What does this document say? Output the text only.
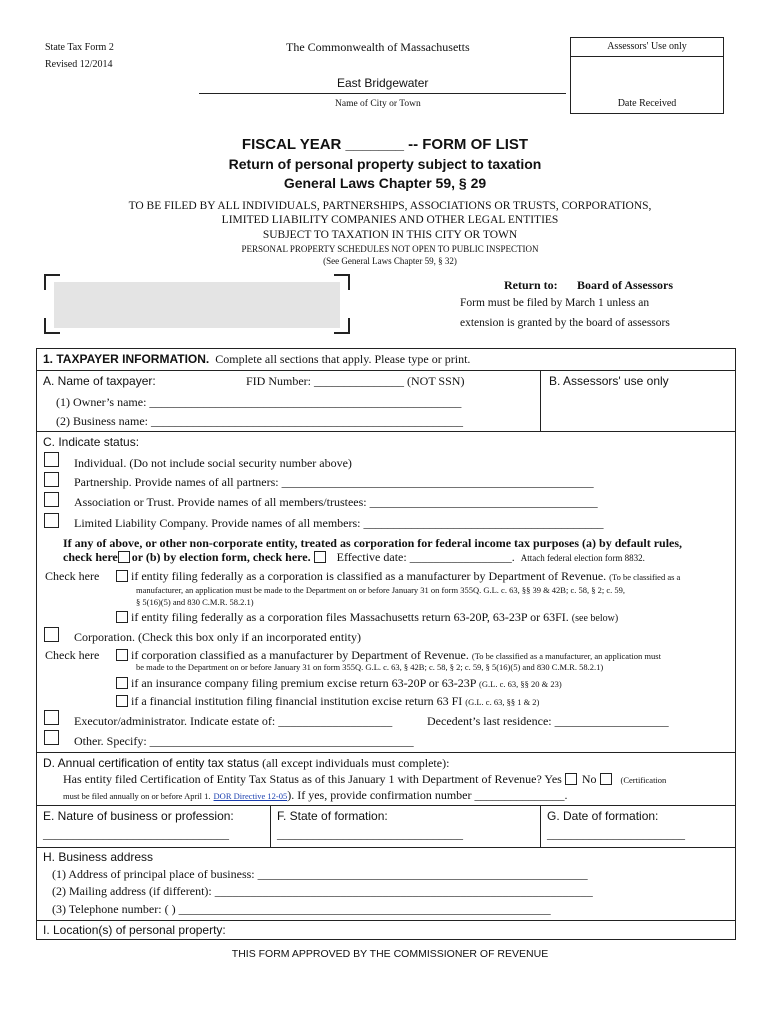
State Tax Form 2
Revised 12/2014
The Commonwealth of Massachusetts	Assessors' Use only
Date Received
East Bridgewater
Name of City or Town
FISCAL YEAR _______ -- FORM OF LIST
Return of personal property subject to taxation
General Laws Chapter 59, § 29
TO BE FILED BY ALL INDIVIDUALS, PARTNERSHIPS, ASSOCIATIONS OR TRUSTS, CORPORATIONS,
LIMITED LIABILITY COMPANIES AND OTHER LEGAL ENTITIES
SUBJECT TO TAXATION IN THIS CITY OR TOWN
PERSONAL PROPERTY SCHEDULES NOT OPEN TO PUBLIC INSPECTION
(See General Laws Chapter 59, § 32)
Return to: Board of Assessors
Form must be filed by March 1 unless an
extension is granted by the board of assessors
1. TAXPAYER INFORMATION. Complete all sections that apply. Please type or print.
A. Name of taxpayer:	FID Number: _______________ (NOT SSN)	B. Assessors' use only
(1) Owner’s name: ____________________________________________________
(2) Business name: ____________________________________________________
C. Indicate status:
Individual. (Do not include social security number above)
Partnership. Provide names of all partners: ____________________________________________________
Association or Trust. Provide names of all members/trustees: ______________________________________
Limited Liability Company. Provide names of all members: ________________________________________
If any of above, or other non-corporate entity, treated as corporation for federal income tax purposes (a) by default rules,
check here or (b) by election form, check here. Effective date: _________________. Attach federal election form 8832.
Check here	if entity filing federally as a corporation is classified as a manufacturer by Department of Revenue. (To be classified as a
manufacturer, an application must be made to the Department on or before January 31 on form 355Q. G.L. c. 63, §§ 39 & 42B; c. 58, § 2; c. 59,
§ 5(16)(5) and 830 C.M.R. 58.2.1)
if entity filing federally as a corporation files Massachusetts return 63-20P, 63-23P or 63FI. (see below)
Corporation. (Check this box only if an incorporated entity)
Check here	if corporation classified as a manufacturer by Department of Revenue. (To be classified as a manufacturer, an application must
be made to the Department on or before January 31 on form 355Q. G.L. c. 63, § 42B; c. 58, § 2; c. 59, § 5(16)(5) and 830 C.M.R. 58.2.1)
if an insurance company filing premium excise return 63-20P or 63-23P (G.L. c. 63, §§ 20 & 23)
if a financial institution filing financial institution excise return 63 FI (G.L. c. 63, §§ 1 & 2)
Executor/administrator. Indicate estate of: ___________________	Decedent’s last residence: ___________________
Other. Specify: ____________________________________________
D. Annual certification of entity tax status (all except individuals must complete):
Has entity filed Certification of Entity Tax Status as of this January 1 with Department of Revenue? Yes No	(Certification
must be filed annually on or before April 1. DOR Directive 12-05). If yes, provide confirmation number _______________.
E. Nature of business or profession:
_______________________________
F. State of formation:
_______________________________
G. Date of formation:
_______________________
H. Business address
(1) Address of principal place of business: _______________________________________________________
(2) Mailing address (if different): _______________________________________________________________
(3) Telephone number: ( ) ______________________________________________________________
I. Location(s) of personal property:
THIS FORM APPROVED BY THE COMMISSIONER OF REVENUE
